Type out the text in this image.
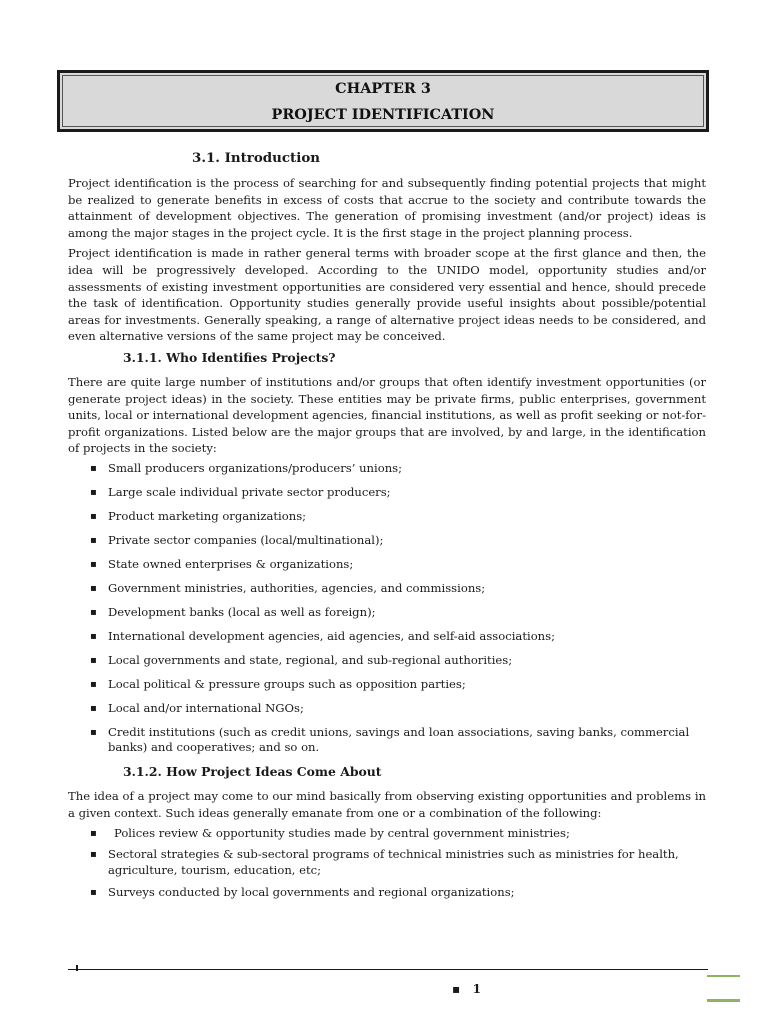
CHAPTER 3
PROJECT IDENTIFICATION
3.1. Introduction

Project identification is the process of searching for and subsequently finding potential projects that might be realized to generate benefits in excess of costs that accrue to the society and contribute towards the attainment of development objectives. The generation of promising investment (and/or project) ideas is among the major stages in the project cycle. It is the first stage in the project planning process.

Project identification is made in rather general terms with broader scope at the first glance and then, the idea will be progressively developed. According to the UNIDO model, opportunity studies and/or assessments of existing investment opportunities are considered very essential and hence, should precede the task of identification. Opportunity studies generally provide useful insights about possible/potential areas for investments. Generally speaking, a range of alternative project ideas needs to be considered, and even alternative versions of the same project may be conceived.

3.1.1. Who Identifies Projects?

There are quite large number of institutions and/or groups that often identify investment opportunities (or generate project ideas) in the society. These entities may be private firms, public enterprises, government units, local or international development agencies, financial institutions, as well as profit seeking or not-for-profit organizations. Listed below are the major groups that are involved, by and large, in the identification of projects in the society:

▪ Small producers organizations/producers’ unions;
▪ Large scale individual private sector producers;
▪ Product marketing organizations;
▪ Private sector companies (local/multinational);
▪ State owned enterprises & organizations;
▪ Government ministries, authorities, agencies, and commissions;
▪ Development banks (local as well as foreign);
▪ International development agencies, aid agencies, and self-aid associations;
▪ Local governments and state, regional, and sub-regional authorities;
▪ Local political & pressure groups such as opposition parties;
▪ Local and/or international NGOs;
▪ Credit institutions (such as credit unions, savings and loan associations, saving banks, commercial banks) and cooperatives; and so on.
3.1.2. How Project Ideas Come About

The idea of a project may come to our mind basically from observing existing opportunities and problems in a given context. Such ideas generally emanate from one or a combination of the following:

▪ Polices review & opportunity studies made by central government ministries;
▪ Sectoral strategies & sub-sectoral programs of technical ministries such as ministries for health, agriculture, tourism, education, etc;
▪ Surveys conducted by local governments and regional organizations;
▪   1
